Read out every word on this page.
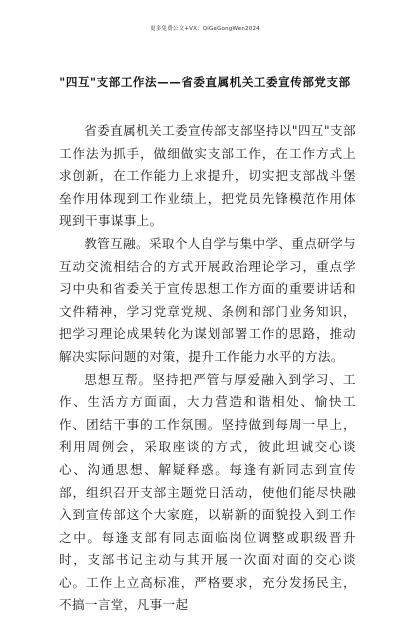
更多免费公文+VX：QiGeGongWen2024
"四互"支部工作法——省委直属机关工委宣传部党支部

省委直属机关工委宣传部支部坚持以"四互"支部工作法为抓手，做细做实支部工作，在工作方式上求创新，在工作能力上求提升，切实把支部战斗堡垒作用体现到工作业绩上，把党员先锋模范作用体现到干事谋事上。

教管互融。采取个人自学与集中学、重点研学与互动交流相结合的方式开展政治理论学习，重点学习中央和省委关于宣传思想工作方面的重要讲话和文件精神，学习党章党规、条例和部门业务知识，把学习理论成果转化为谋划部署工作的思路，推动解决实际问题的对策，提升工作能力水平的方法。

思想互帮。坚持把严管与厚爱融入到学习、工作、生活方方面面，大力营造和谐相处、愉快工作、团结干事的工作氛围。坚持做到每周一早上，利用周例会，采取座谈的方式，彼此坦诚交心谈心、沟通思想、解疑释惑。每逢有新同志到宣传部，组织召开支部主题党日活动，使他们能尽快融入到宣传部这个大家庭，以崭新的面貌投入到工作之中。每逢支部有同志面临岗位调整或职级晋升时，支部书记主动与其开展一次面对面的交心谈心。工作上立高标准，严格要求，充分发扬民主，不搞一言堂，凡事一起
